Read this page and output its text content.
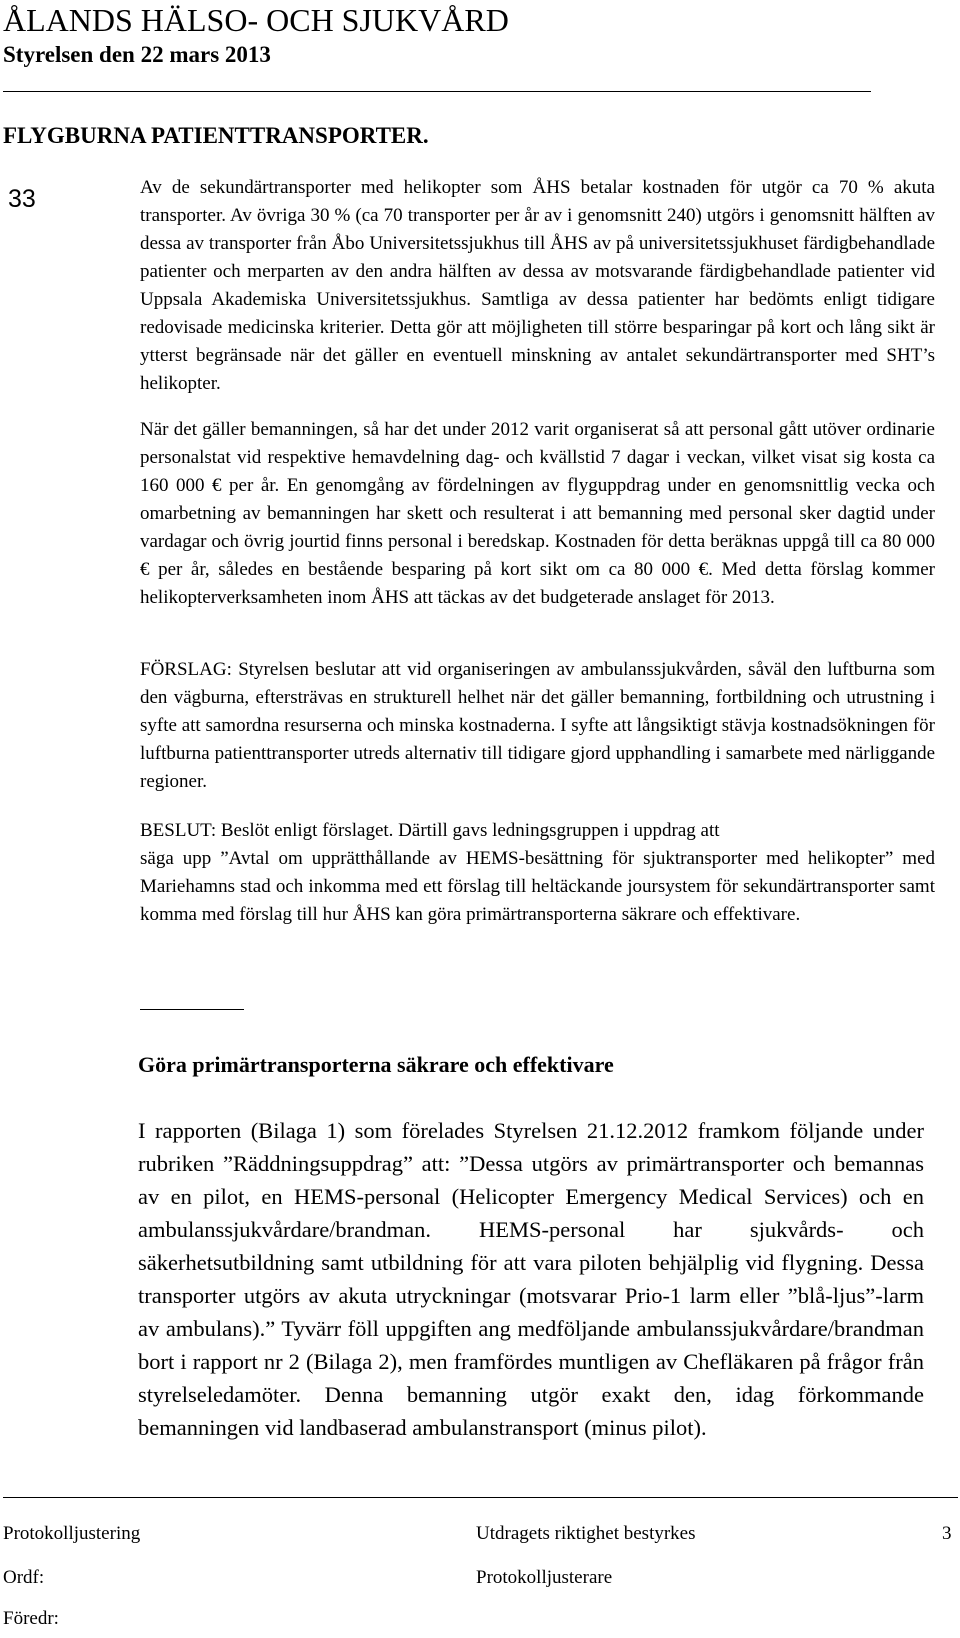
ÅLANDS HÄLSO- OCH SJUKVÅRD
Styrelsen den 22 mars 2013
FLYGBURNA PATIENTTRANSPORTER.
33	Av de sekundärtransporter med helikopter som ÅHS betalar kostnaden för utgör ca 70 % akuta transporter. Av övriga 30 % (ca 70 transporter per år av i genomsnitt 240) utgörs i genomsnitt hälften av dessa av transporter från Åbo Universitetssjukhus till ÅHS av på universitetssjukhuset färdigbehandlade patienter och merparten av den andra hälften av dessa av motsvarande färdigbehandlade patienter vid Uppsala Akademiska Universitetssjukhus. Samtliga av dessa patienter har bedömts enligt tidigare redovisade medicinska kriterier. Detta gör att möjligheten till större besparingar på kort och lång sikt är ytterst begränsade när det gäller en eventuell minskning av antalet sekundärtransporter med SHT’s helikopter.

När det gäller bemanningen, så har det under 2012 varit organiserat så att personal gått utöver ordinarie personalstat vid respektive hemavdelning dag- och kvällstid 7 dagar i veckan, vilket visat sig kosta ca 160 000 € per år. En genomgång av fördelningen av flyguppdrag under en genomsnittlig vecka och omarbetning av bemanningen har skett och resulterat i att bemanning med personal sker dagtid under vardagar och övrig jourtid finns personal i beredskap. Kostnaden för detta beräknas uppgå till ca 80 000 € per år, således en bestående besparing på kort sikt om ca 80 000 €. Med detta förslag kommer helikopterverksamheten inom ÅHS att täckas av det budgeterade anslaget för 2013.

FÖRSLAG: Styrelsen beslutar att vid organiseringen av ambulanssjukvården, såväl den luftburna som den vägburna, eftersträvas en strukturell helhet när det gäller bemanning, fortbildning och utrustning i syfte att samordna resurserna och minska kostnaderna. I syfte att långsiktigt stävja kostnadsökningen för luftburna patienttransporter utreds alternativ till tidigare gjord upphandling i samarbete med närliggande regioner.

BESLUT: Beslöt enligt förslaget. Därtill gavs ledningsgruppen i uppdrag att

säga upp ”Avtal om upprätthållande av HEMS-besättning för sjuktransporter med helikopter” med Mariehamns stad och inkomma med ett förslag till heltäckande joursystem för sekundärtransporter samt komma med förslag till hur ÅHS kan göra primärtransporterna säkrare och effektivare.

Göra primärtransporterna säkrare och effektivare

I rapporten (Bilaga 1) som förelades Styrelsen 21.12.2012 framkom följande under rubriken ”Räddningsuppdrag” att: ”Dessa utgörs av primärtransporter och bemannas av en pilot, en HEMS-personal (Helicopter Emergency Medical Services) och en ambulanssjukvårdare/brandman. HEMS-personal har sjukvårds- och säkerhetsutbildning samt utbildning för att vara piloten behjälplig vid flygning. Dessa transporter utgörs av akuta utryckningar (motsvarar Prio-1 larm eller ”blå-ljus”-larm av ambulans).” Tyvärr föll uppgiften ang medföljande ambulanssjukvårdare/brandman bort i rapport nr 2 (Bilaga 2), men framfördes muntligen av Chefläkaren på frågor från styrelseledamöter. Denna bemanning utgör exakt den, idag förkommande bemanningen vid landbaserad ambulanstransport (minus pilot).

Protokolljustering	Utdragets riktighet bestyrkes	3
Ordf:	Protokolljusterare
Föredr:
